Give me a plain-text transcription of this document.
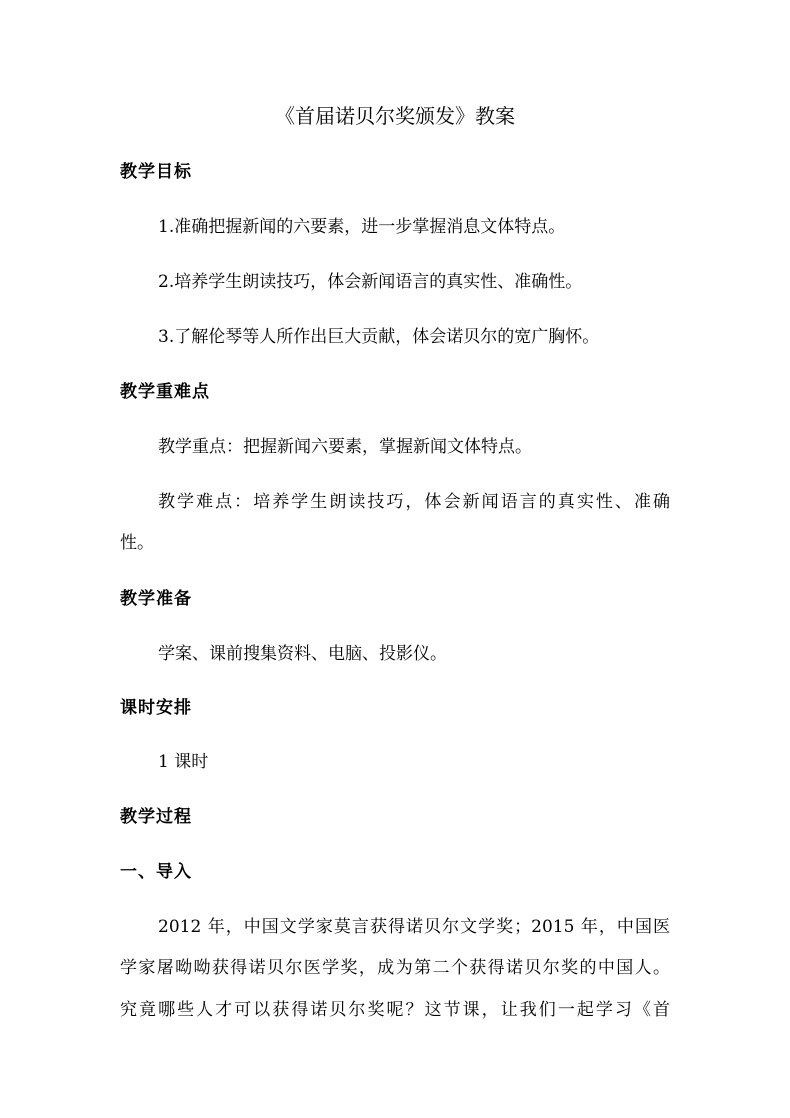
《首届诺贝尔奖颁发》教案
教学目标
1.准确把握新闻的六要素，进一步掌握消息文体特点。
2.培养学生朗读技巧，体会新闻语言的真实性、准确性。
3.了解伦琴等人所作出巨大贡献，体会诺贝尔的宽广胸怀。
教学重难点
教学重点：把握新闻六要素，掌握新闻文体特点。
教学难点：培养学生朗读技巧，体会新闻语言的真实性、准确
性。
教学准备
学案、课前搜集资料、电脑、投影仪。
课时安排
1 课时
教学过程
一、导入
2012 年，中国文学家莫言获得诺贝尔文学奖；2015 年，中国医
学家屠呦呦获得诺贝尔医学奖，成为第二个获得诺贝尔奖的中国人。
究竟哪些人才可以获得诺贝尔奖呢？这节课，让我们一起学习《首
